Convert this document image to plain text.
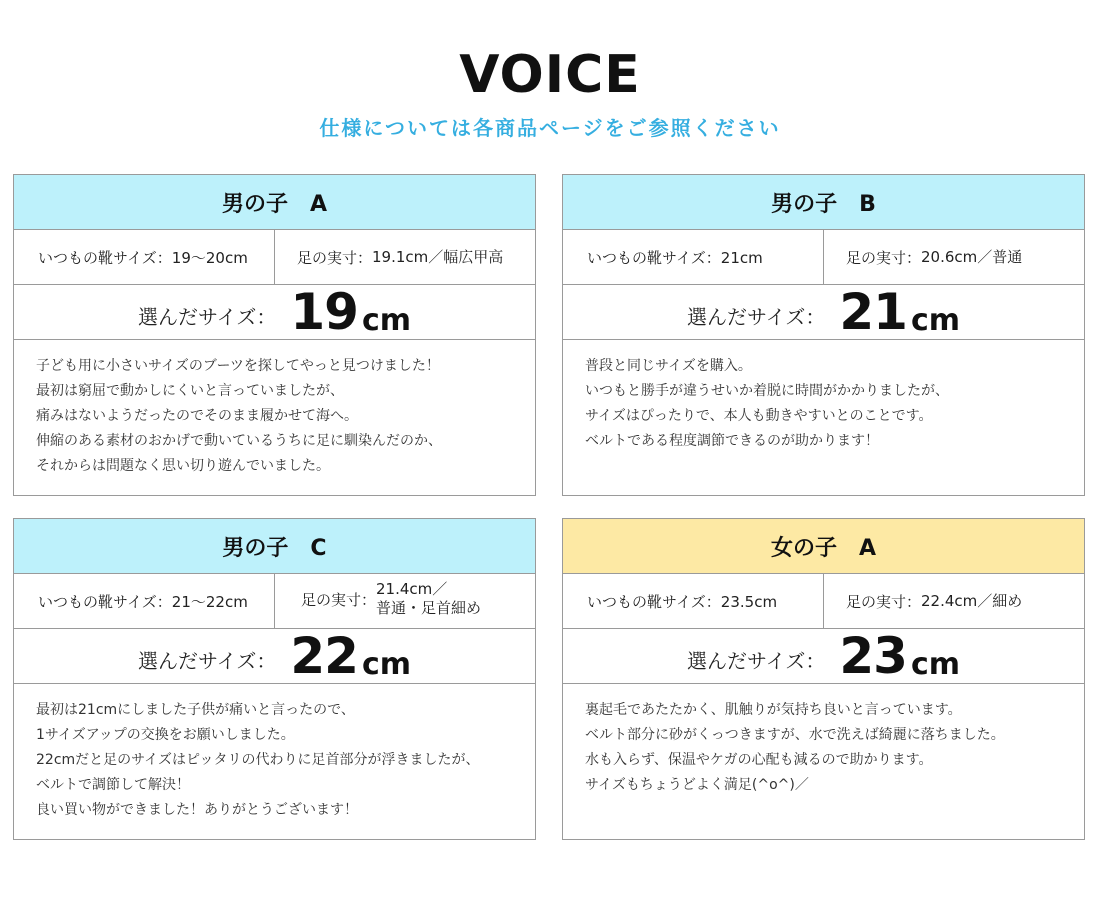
VOICE
仕様については各商品ページをご参照ください
男の子　A
いつもの靴サイズ：19～20cm	足の実寸： 19.1cm／幅広甲高
選んだサイズ： 19 cm

子ども用に小さいサイズのブーツを探してやっと見つけました！

最初は窮屈で動かしにくいと言っていましたが、

痛みはないようだったのでそのまま履かせて海へ。

伸縮のある素材のおかげで動いているうちに足に馴染んだのか、

それからは問題なく思い切り遊んでいました。

男の子　B
いつもの靴サイズ：21cm	足の実寸： 20.6cm／普通
選んだサイズ： 21 cm

普段と同じサイズを購入。

いつもと勝手が違うせいか着脱に時間がかかりましたが、

サイズはぴったりで、本人も動きやすいとのことです。

ベルトである程度調節できるのが助かります！

男の子　C
いつもの靴サイズ：21～22cm	足の実寸：
21.4cm／
普通・足首細め
選んだサイズ： 22 cm

最初は21cmにしました子供が痛いと言ったので、

1サイズアップの交換をお願いしました。

22cmだと足のサイズはピッタリの代わりに足首部分が浮きましたが、

ベルトで調節して解決！

良い買い物ができました！ありがとうございます！

女の子　A
いつもの靴サイズ：23.5cm	足の実寸： 22.4cm／細め
選んだサイズ： 23 cm

裏起毛であたたかく、肌触りが気持ち良いと言っています。

ベルト部分に砂がくっつきますが、水で洗えば綺麗に落ちました。

水も入らず、保温やケガの心配も減るので助かります。

サイズもちょうどよく満足(^o^)／
